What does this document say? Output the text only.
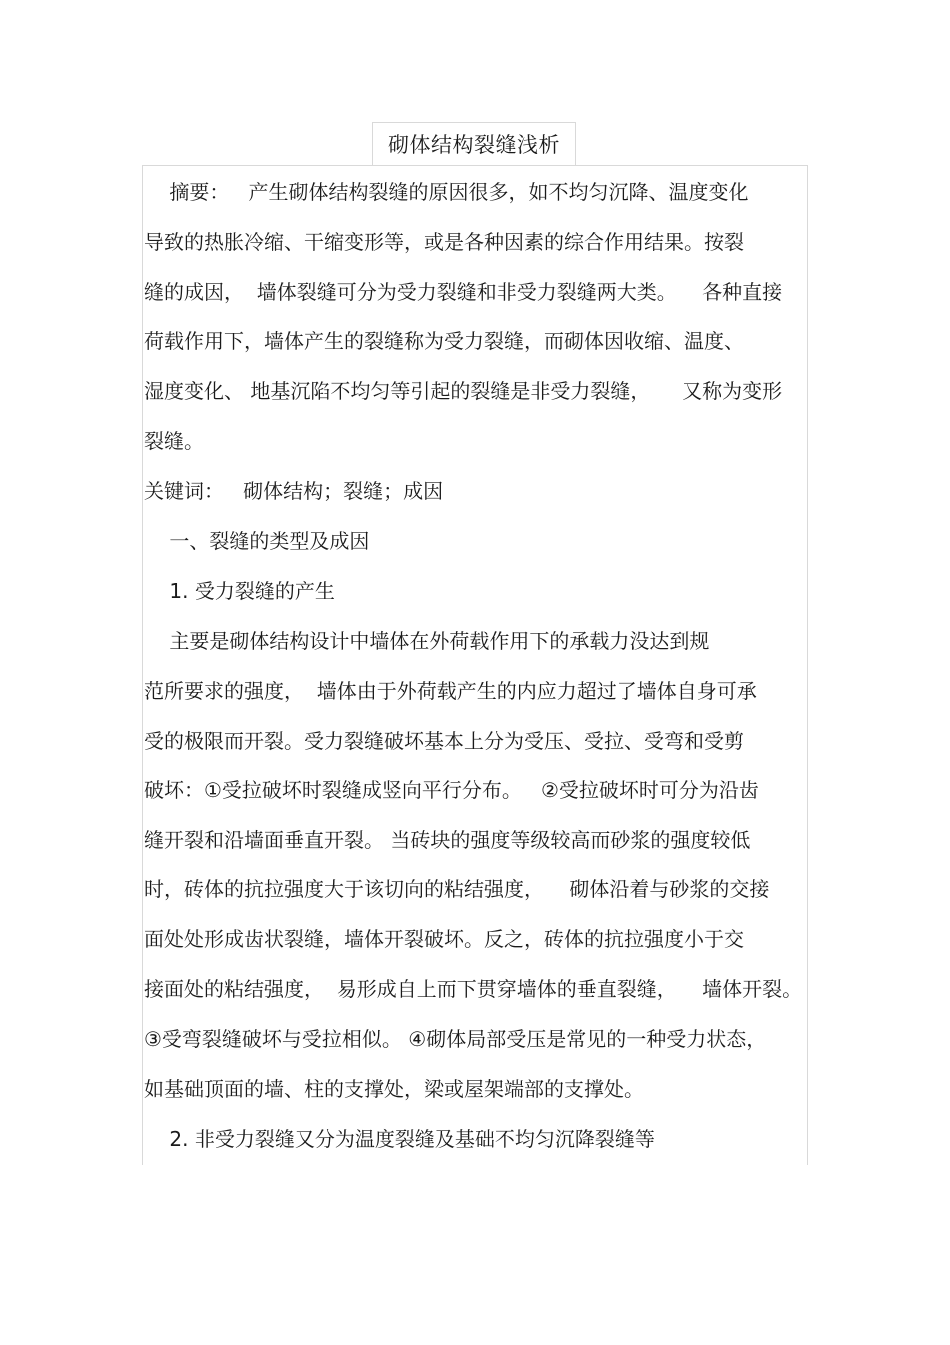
砌体结构裂缝浅析
摘要：   产生砌体结构裂缝的原因很多，如不均匀沉降、温度变化
导致的热胀冷缩、干缩变形等，或是各种因素的综合作用结果。按裂
缝的成因，  墙体裂缝可分为受力裂缝和非受力裂缝两大类。    各种直接
荷载作用下，墙体产生的裂缝称为受力裂缝，而砌体因收缩、温度、
湿度变化、 地基沉陷不均匀等引起的裂缝是非受力裂缝，     又称为变形
裂缝。
关键词：   砌体结构；裂缝；成因
一、裂缝的类型及成因
1. 受力裂缝的产生
主要是砌体结构设计中墙体在外荷载作用下的承载力没达到规
范所要求的强度，  墙体由于外荷载产生的内应力超过了墙体自身可承
受的极限而开裂。受力裂缝破坏基本上分为受压、受拉、受弯和受剪
破坏：①受拉破坏时裂缝成竖向平行分布。   ②受拉破坏时可分为沿齿
缝开裂和沿墙面垂直开裂。 当砖块的强度等级较高而砂浆的强度较低
时，砖体的抗拉强度大于该切向的粘结强度，    砌体沿着与砂浆的交接
面处处形成齿状裂缝，墙体开裂破坏。反之，砖体的抗拉强度小于交
接面处的粘结强度，  易形成自上而下贯穿墙体的垂直裂缝，    墙体开裂。
③受弯裂缝破坏与受拉相似。 ④砌体局部受压是常见的一种受力状态，
如基础顶面的墙、柱的支撑处，梁或屋架端部的支撑处。
2. 非受力裂缝又分为温度裂缝及基础不均匀沉降裂缝等
